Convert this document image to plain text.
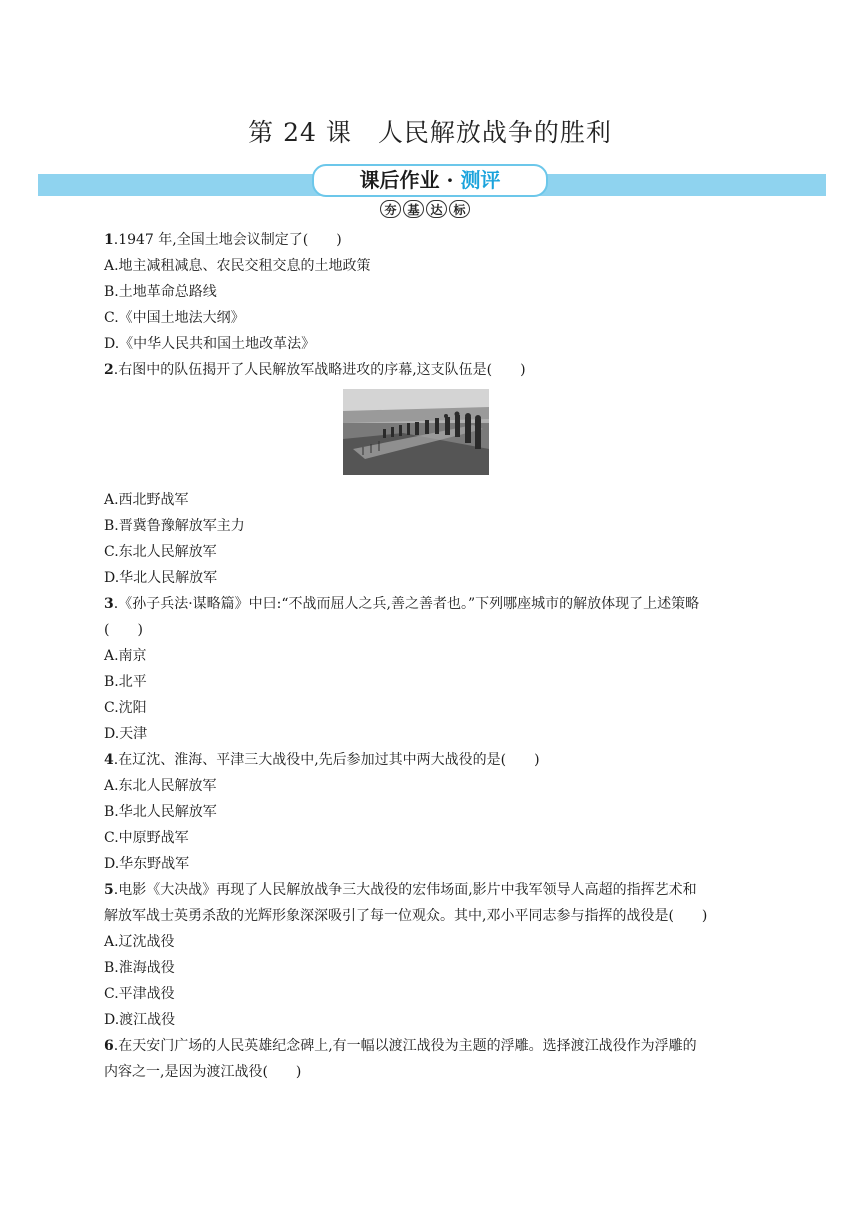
第 24 课　人民解放战争的胜利
课后作业 · 测评
夯 基 达 标
1.1947 年,全国土地会议制定了(　　)
A.地主减租减息、农民交租交息的土地政策
B.土地革命总路线
C.《中国土地法大纲》
D.《中华人民共和国土地改革法》
2.右图中的队伍揭开了人民解放军战略进攻的序幕,这支队伍是(　　)
A.西北野战军
B.晋冀鲁豫解放军主力
C.东北人民解放军
D.华北人民解放军
3.《孙子兵法·谋略篇》中曰:“不战而屈人之兵,善之善者也。”下列哪座城市的解放体现了上述策略
(　　)
A.南京
B.北平
C.沈阳
D.天津
4.在辽沈、淮海、平津三大战役中,先后参加过其中两大战役的是(　　)
A.东北人民解放军
B.华北人民解放军
C.中原野战军
D.华东野战军
5.电影《大决战》再现了人民解放战争三大战役的宏伟场面,影片中我军领导人高超的指挥艺术和
解放军战士英勇杀敌的光辉形象深深吸引了每一位观众。其中,邓小平同志参与指挥的战役是(　　)
A.辽沈战役
B.淮海战役
C.平津战役
D.渡江战役
6.在天安门广场的人民英雄纪念碑上,有一幅以渡江战役为主题的浮雕。选择渡江战役作为浮雕的
内容之一,是因为渡江战役(　　)
